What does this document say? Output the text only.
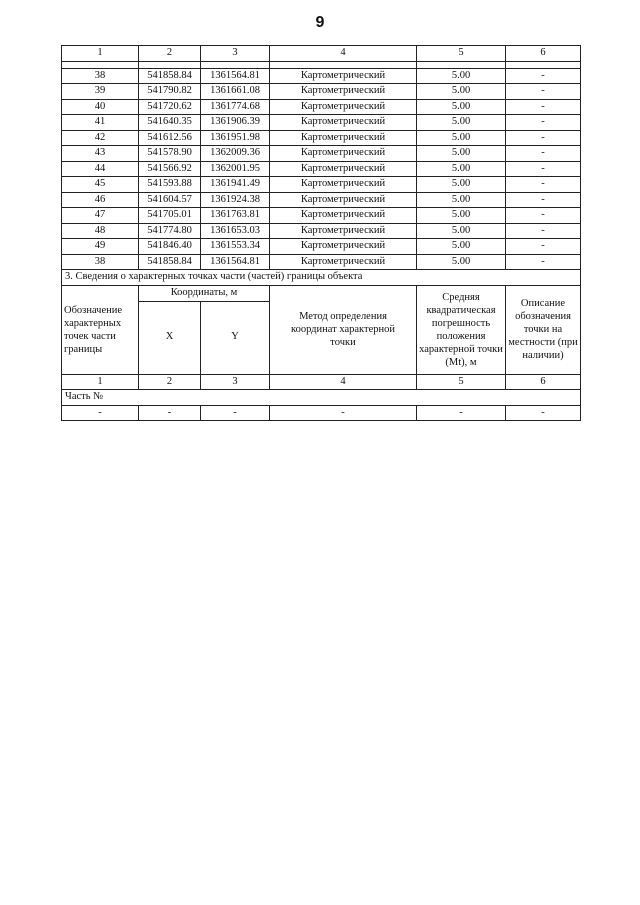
9
1	2	3	4	5	6

38	541858.84	1361564.81	Картометрический	5.00	-
39	541790.82	1361661.08	Картометрический	5.00	-
40	541720.62	1361774.68	Картометрический	5.00	-
41	541640.35	1361906.39	Картометрический	5.00	-
42	541612.56	1361951.98	Картометрический	5.00	-
43	541578.90	1362009.36	Картометрический	5.00	-
44	541566.92	1362001.95	Картометрический	5.00	-
45	541593.88	1361941.49	Картометрический	5.00	-
46	541604.57	1361924.38	Картометрический	5.00	-
47	541705.01	1361763.81	Картометрический	5.00	-
48	541774.80	1361653.03	Картометрический	5.00	-
49	541846.40	1361553.34	Картометрический	5.00	-
38	541858.84	1361564.81	Картометрический	5.00	-
3. Сведения о характерных точках части (частей) границы объекта					
Обозначение характерных точек части границы	Координаты, м		Метод определения координат характерной точки	Средняя квадратическая погрешность положения характерной точки (Mt), м	Описание обозначения точки на местности (при наличии)
	X	Y			
1	2	3	4	5	6
Часть №					
-	-	-	-	-	-
